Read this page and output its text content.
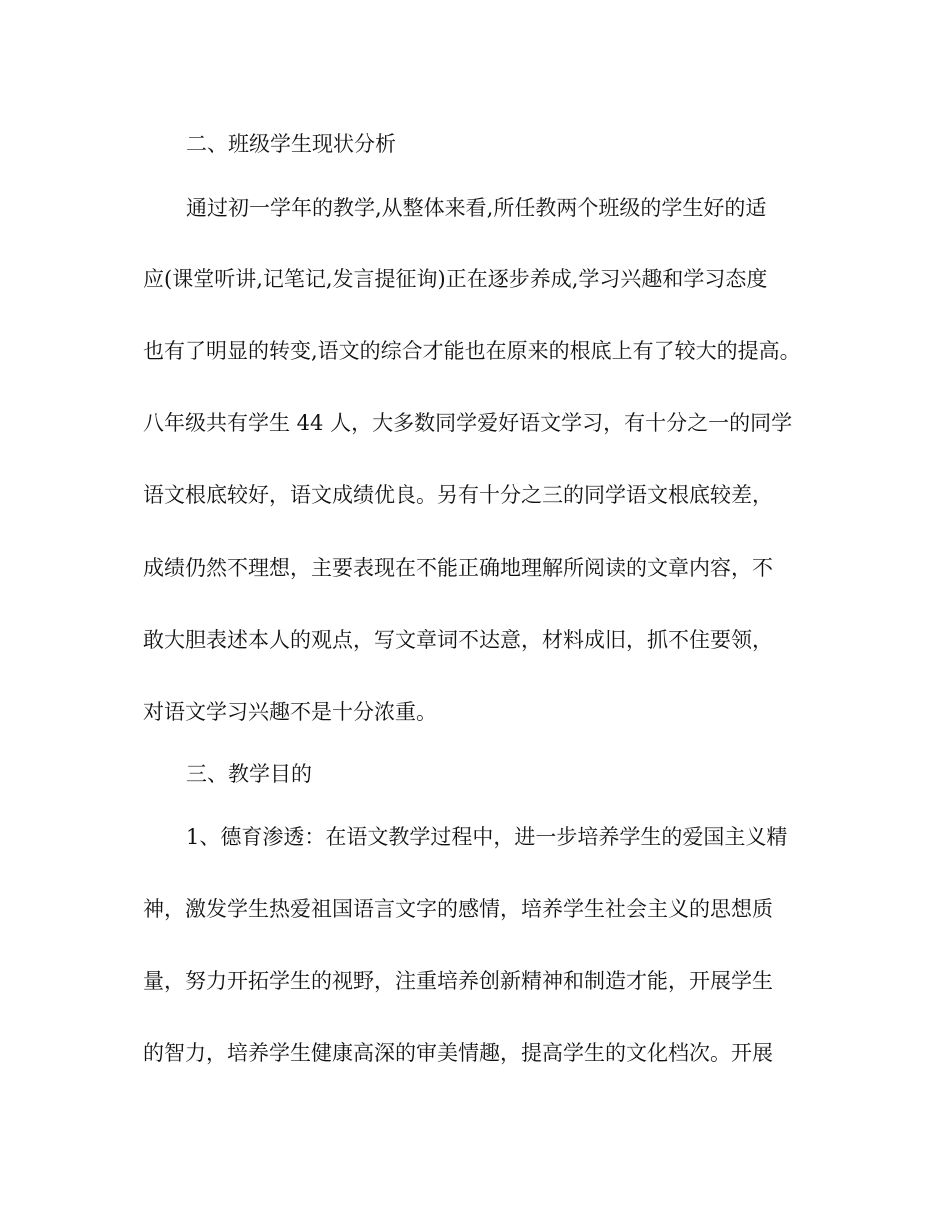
二、班级学生现状分析
通过初一学年的教学,从整体来看,所任教两个班级的学生好的适
应(课堂听讲,记笔记,发言提征询)正在逐步养成,学习兴趣和学习态度
也有了明显的转变,语文的综合才能也在原来的根底上有了较大的提高。
八年级共有学生 44 人，大多数同学爱好语文学习，有十分之一的同学
语文根底较好，语文成绩优良。另有十分之三的同学语文根底较差，
成绩仍然不理想，主要表现在不能正确地理解所阅读的文章内容，不
敢大胆表述本人的观点，写文章词不达意，材料成旧，抓不住要领，
对语文学习兴趣不是十分浓重。
三、教学目的
1、德育渗透：在语文教学过程中，进一步培养学生的爱国主义精
神，激发学生热爱祖国语言文字的感情，培养学生社会主义的思想质
量，努力开拓学生的视野，注重培养创新精神和制造才能，开展学生
的智力，培养学生健康高深的审美情趣，提高学生的文化档次。开展
